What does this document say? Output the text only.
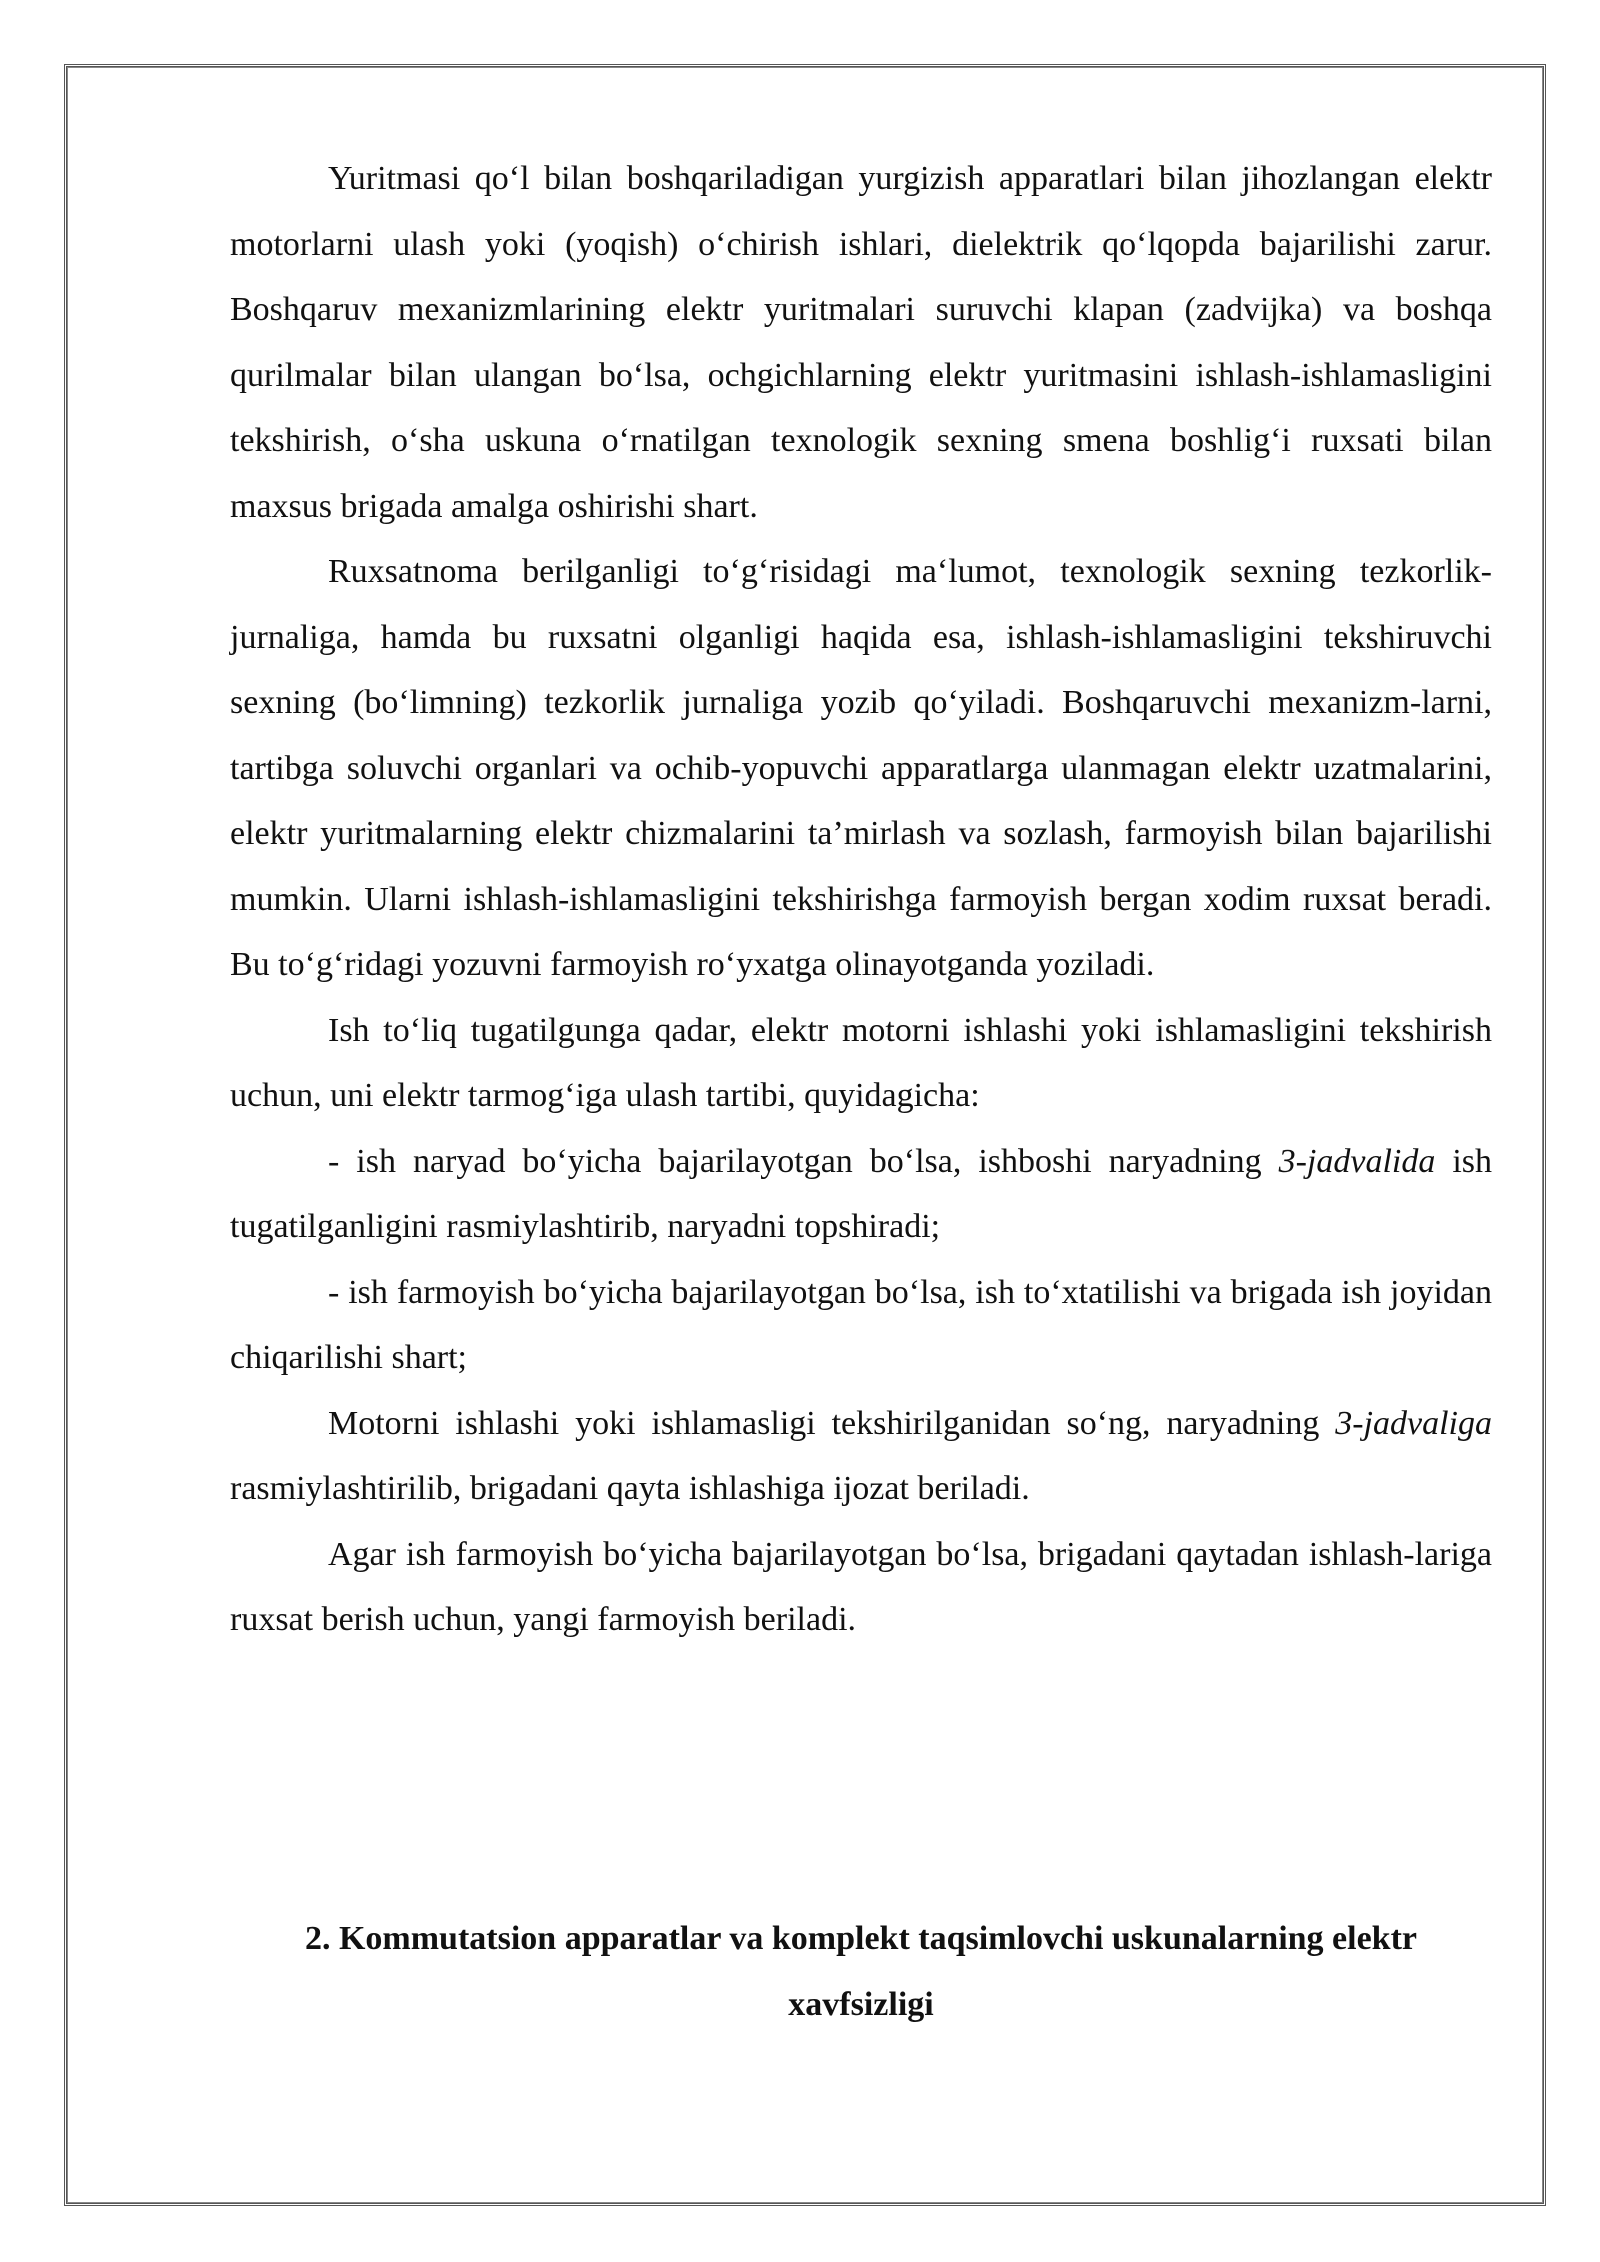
Yuritmasi qo‘l bilan boshqariladigan yurgizish apparatlari bilan jihozlangan elektr motorlarni ulash yoki (yoqish) o‘chirish ishlari, dielektrik qo‘lqopda bajarilishi zarur. Boshqaruv mexanizmlarining elektr yuritmalari suruvchi klapan (zadvijka) va boshqa qurilmalar bilan ulangan bo‘lsa, ochgichlarning elektr yuritmasini ishlash-ishlamasligini tekshirish, o‘sha uskuna o‘rnatilgan texnologik sexning smena boshlig‘i ruxsati bilan maxsus brigada amalga oshirishi shart.

Ruxsatnoma berilganligi to‘g‘risidagi ma‘lumot, texnologik sexning tezkorlik-jurnaliga, hamda bu ruxsatni olganligi haqida esa, ishlash-ishlamasligini tekshiruvchi sexning (bo‘limning) tezkorlik jurnaliga yozib qo‘yiladi. Boshqaruvchi mexanizm-larni, tartibga soluvchi organlari va ochib-yopuvchi apparatlarga ulanmagan elektr uzatmalarini, elektr yuritmalarning elektr chizmalarini ta’mirlash va sozlash, farmoyish bilan bajarilishi mumkin. Ularni ishlash-ishlamasligini tekshirishga farmoyish bergan xodim ruxsat beradi. Bu to‘g‘ridagi yozuvni farmoyish ro‘yxatga olinayotganda yoziladi.

Ish to‘liq tugatilgunga qadar, elektr motorni ishlashi yoki ishlamasligini tekshirish uchun, uni elektr tarmog‘iga ulash tartibi, quyidagicha:

- ish naryad bo‘yicha bajarilayotgan bo‘lsa, ishboshi naryadning 3-jadvalida ish tugatilganligini rasmiylashtirib, naryadni topshiradi;

- ish farmoyish bo‘yicha bajarilayotgan bo‘lsa, ish to‘xtatilishi va brigada ish joyidan chiqarilishi shart;

Motorni ishlashi yoki ishlamasligi tekshirilganidan so‘ng, naryadning 3-jadvaliga rasmiylashtirilib, brigadani qayta ishlashiga ijozat beriladi.

Agar ish farmoyish bo‘yicha bajarilayotgan bo‘lsa, brigadani qaytadan ishlash-lariga ruxsat berish uchun, yangi farmoyish beriladi.

2. Kommutatsion apparatlar va komplekt taqsimlovchi uskunalarning elektr xavfsizligi
